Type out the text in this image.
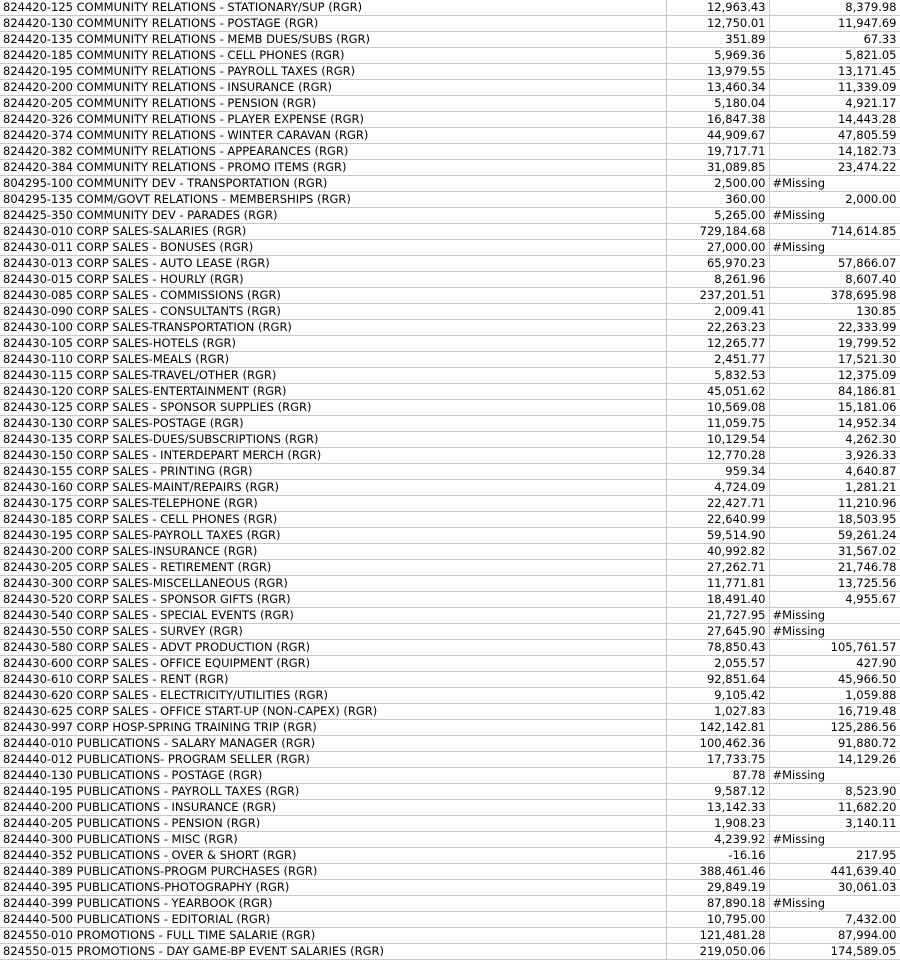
824420-125 COMMUNITY RELATIONS - STATIONARY/SUP (RGR)	12,963.43	8,379.98
824420-130 COMMUNITY RELATIONS - POSTAGE (RGR)	12,750.01	11,947.69
824420-135 COMMUNITY RELATIONS - MEMB DUES/SUBS (RGR)	351.89	67.33
824420-185 COMMUNITY RELATIONS - CELL PHONES (RGR)	5,969.36	5,821.05
824420-195 COMMUNITY RELATIONS - PAYROLL TAXES (RGR)	13,979.55	13,171.45
824420-200 COMMUNITY RELATIONS - INSURANCE (RGR)	13,460.34	11,339.09
824420-205 COMMUNITY RELATIONS - PENSION (RGR)	5,180.04	4,921.17
824420-326 COMMUNITY RELATIONS - PLAYER EXPENSE (RGR)	16,847.38	14,443.28
824420-374 COMMUNITY RELATIONS - WINTER CARAVAN (RGR)	44,909.67	47,805.59
824420-382 COMMUNITY RELATIONS - APPEARANCES (RGR)	19,717.71	14,182.73
824420-384 COMMUNITY RELATIONS - PROMO ITEMS (RGR)	31,089.85	23,474.22
804295-100 COMMUNITY DEV - TRANSPORTATION (RGR)	2,500.00	#Missing
804295-135 COMM/GOVT RELATIONS - MEMBERSHIPS (RGR)	360.00	2,000.00
824425-350 COMMUNITY DEV - PARADES (RGR)	5,265.00	#Missing
824430-010 CORP SALES-SALARIES (RGR)	729,184.68	714,614.85
824430-011 CORP SALES - BONUSES (RGR)	27,000.00	#Missing
824430-013 CORP SALES - AUTO LEASE (RGR)	65,970.23	57,866.07
824430-015 CORP SALES - HOURLY (RGR)	8,261.96	8,607.40
824430-085 CORP SALES - COMMISSIONS (RGR)	237,201.51	378,695.98
824430-090 CORP SALES - CONSULTANTS (RGR)	2,009.41	130.85
824430-100 CORP SALES-TRANSPORTATION (RGR)	22,263.23	22,333.99
824430-105 CORP SALES-HOTELS (RGR)	12,265.77	19,799.52
824430-110 CORP SALES-MEALS (RGR)	2,451.77	17,521.30
824430-115 CORP SALES-TRAVEL/OTHER (RGR)	5,832.53	12,375.09
824430-120 CORP SALES-ENTERTAINMENT (RGR)	45,051.62	84,186.81
824430-125 CORP SALES - SPONSOR SUPPLIES (RGR)	10,569.08	15,181.06
824430-130 CORP SALES-POSTAGE (RGR)	11,059.75	14,952.34
824430-135 CORP SALES-DUES/SUBSCRIPTIONS (RGR)	10,129.54	4,262.30
824430-150 CORP SALES - INTERDEPART MERCH (RGR)	12,770.28	3,926.33
824430-155 CORP SALES - PRINTING (RGR)	959.34	4,640.87
824430-160 CORP SALES-MAINT/REPAIRS (RGR)	4,724.09	1,281.21
824430-175 CORP SALES-TELEPHONE (RGR)	22,427.71	11,210.96
824430-185 CORP SALES - CELL PHONES (RGR)	22,640.99	18,503.95
824430-195 CORP SALES-PAYROLL TAXES (RGR)	59,514.90	59,261.24
824430-200 CORP SALES-INSURANCE (RGR)	40,992.82	31,567.02
824430-205 CORP SALES - RETIREMENT (RGR)	27,262.71	21,746.78
824430-300 CORP SALES-MISCELLANEOUS (RGR)	11,771.81	13,725.56
824430-520 CORP SALES - SPONSOR GIFTS (RGR)	18,491.40	4,955.67
824430-540 CORP SALES - SPECIAL EVENTS (RGR)	21,727.95	#Missing
824430-550 CORP SALES - SURVEY (RGR)	27,645.90	#Missing
824430-580 CORP SALES - ADVT PRODUCTION (RGR)	78,850.43	105,761.57
824430-600 CORP SALES - OFFICE EQUIPMENT (RGR)	2,055.57	427.90
824430-610 CORP SALES - RENT (RGR)	92,851.64	45,966.50
824430-620 CORP SALES - ELECTRICITY/UTILITIES (RGR)	9,105.42	1,059.88
824430-625 CORP SALES - OFFICE START-UP (NON-CAPEX) (RGR)	1,027.83	16,719.48
824430-997 CORP HOSP-SPRING TRAINING TRIP (RGR)	142,142.81	125,286.56
824440-010 PUBLICATIONS - SALARY MANAGER (RGR)	100,462.36	91,880.72
824440-012 PUBLICATIONS- PROGRAM SELLER (RGR)	17,733.75	14,129.26
824440-130 PUBLICATIONS - POSTAGE (RGR)	87.78	#Missing
824440-195 PUBLICATIONS - PAYROLL TAXES (RGR)	9,587.12	8,523.90
824440-200 PUBLICATIONS - INSURANCE (RGR)	13,142.33	11,682.20
824440-205 PUBLICATIONS - PENSION (RGR)	1,908.23	3,140.11
824440-300 PUBLICATIONS - MISC (RGR)	4,239.92	#Missing
824440-352 PUBLICATIONS - OVER & SHORT (RGR)	-16.16	217.95
824440-389 PUBLICATIONS-PROGM PURCHASES (RGR)	388,461.46	441,639.40
824440-395 PUBLICATIONS-PHOTOGRAPHY (RGR)	29,849.19	30,061.03
824440-399 PUBLICATIONS - YEARBOOK (RGR)	87,890.18	#Missing
824440-500 PUBLICATIONS - EDITORIAL (RGR)	10,795.00	7,432.00
824550-010 PROMOTIONS - FULL TIME SALARIE (RGR)	121,481.28	87,994.00
824550-015 PROMOTIONS - DAY GAME-BP EVENT SALARIES (RGR)	219,050.06	174,589.05
